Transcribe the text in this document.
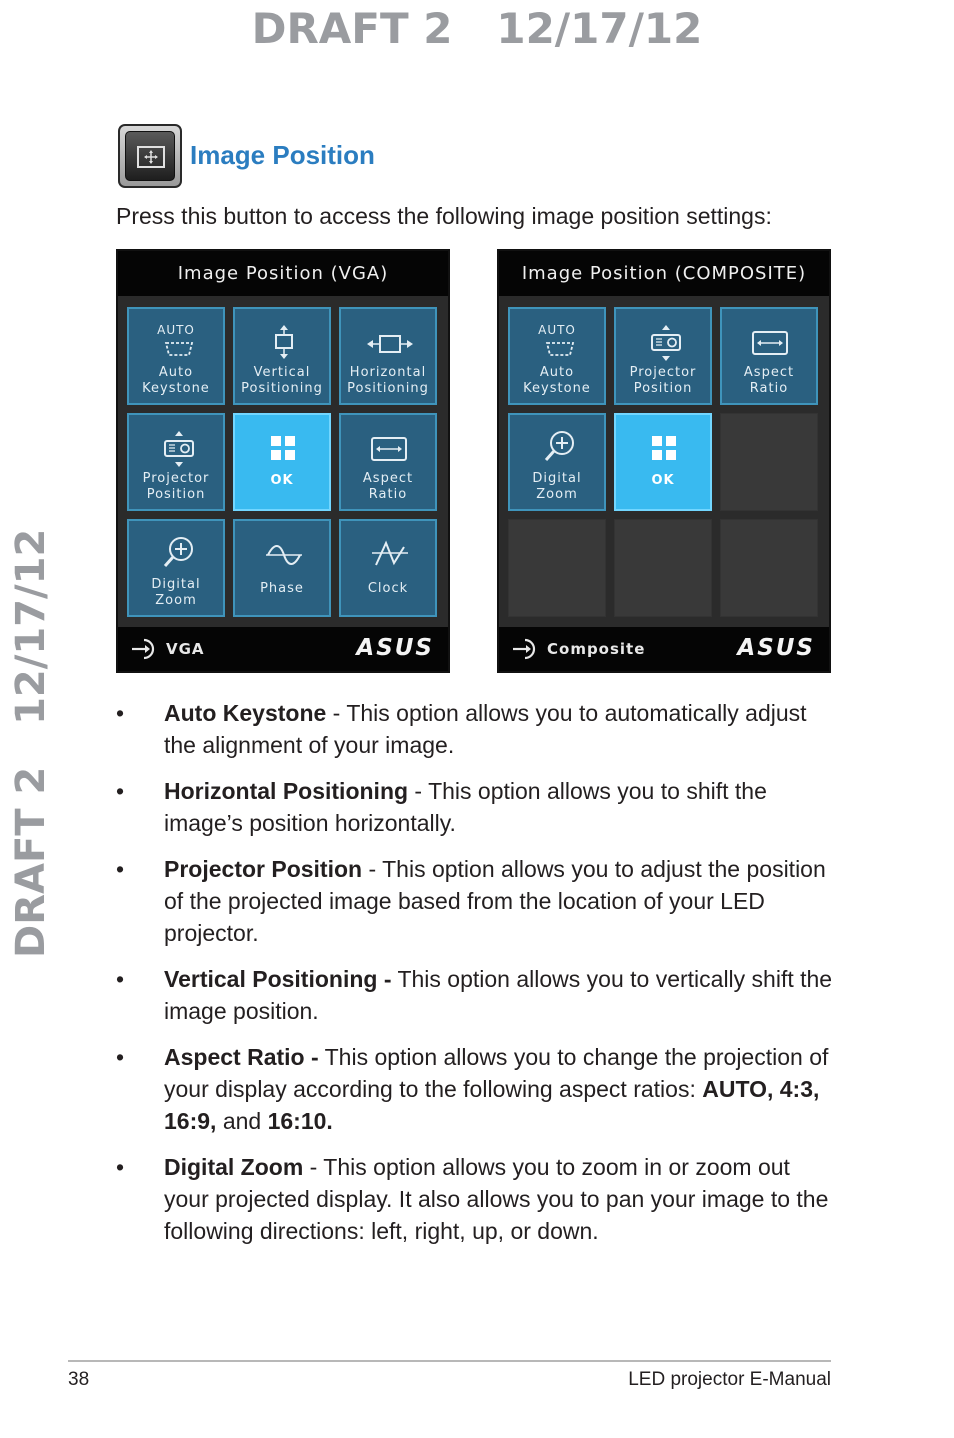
DRAFT 2   12/17/12
DRAFT 2   12/17/12
Image Position
Press this button to access the following image position settings:
Image Position (VGA)
AUTO
Auto
Keystone
Vertical
Positioning
Horizontal
Positioning
Projector
Position
OK	Aspect
Ratio
Digital
Zoom
Phase	Clock
VGA	ASUS
Image Position (COMPOSITE)
AUTO
Auto
Keystone
Projector
Position
Aspect
Ratio
Digital
Zoom
OK
Composite	ASUS
•	Auto Keystone - This option allows you to automatically adjust the alignment of your image.
•	Horizontal Positioning - This option allows you to shift the image’s position horizontally.
•	Projector Position - This option allows you to adjust the position of the projected image based from the location of your LED projector.
•	Vertical Positioning - This option allows you to vertically shift the image position.
•	Aspect Ratio - This option allows you to change the projection of your display according to the following aspect ratios: AUTO, 4:3, 16:9, and 16:10.
•	Digital Zoom - This option allows you to zoom in or zoom out your projected display. It also allows you to pan your image to the following directions: left, right, up, or down.
38	LED projector E-Manual
